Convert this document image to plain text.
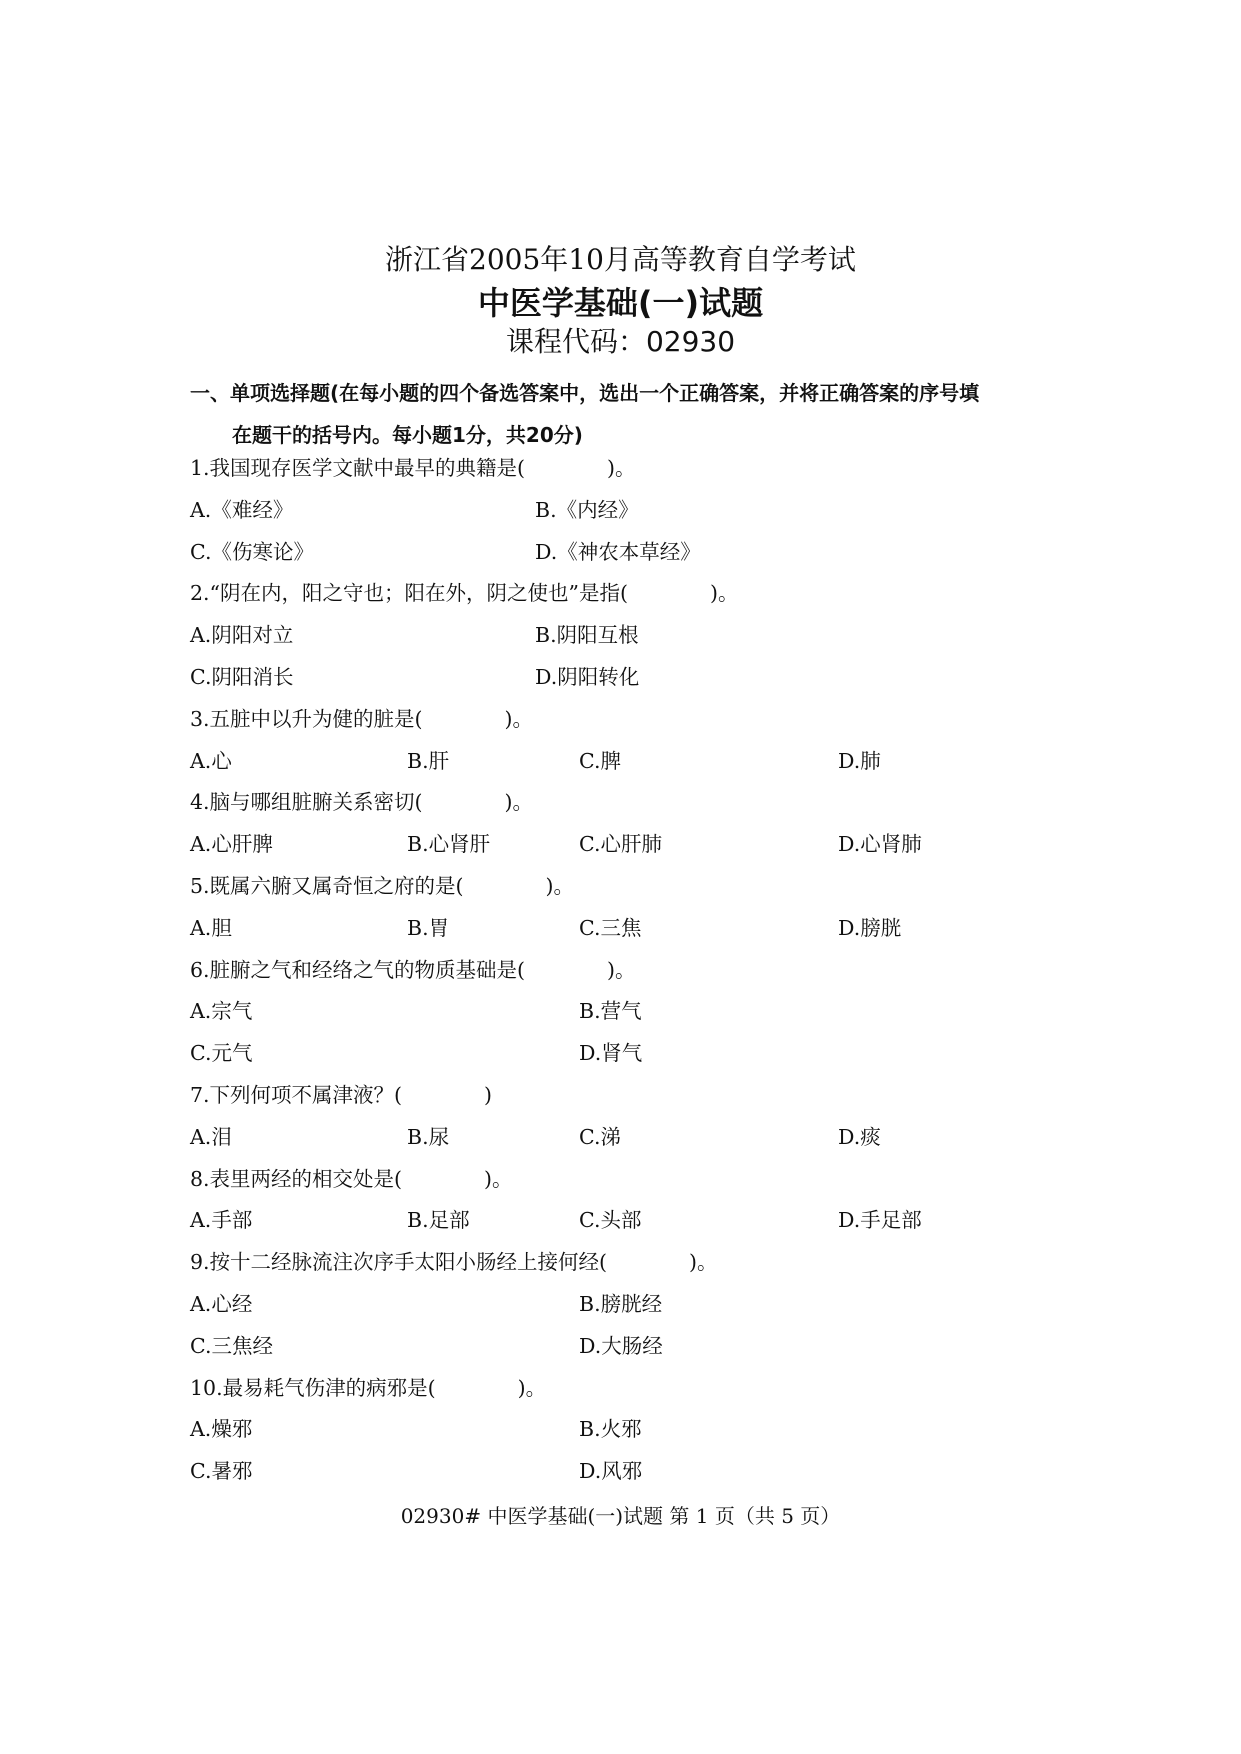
浙江省2005年10月高等教育自学考试
中医学基础(一)试题
课程代码：02930
一、单项选择题(在每小题的四个备选答案中，选出一个正确答案，并将正确答案的序号填
在题干的括号内。每小题1分，共20分)
1.我国现存医学文献中最早的典籍是(　　　　)。
A.《难经》	B.《内经》
C.《伤寒论》	D.《神农本草经》
2.“阴在内，阳之守也；阳在外，阴之使也”是指(　　　　)。
A.阴阳对立	B.阴阳互根
C.阴阳消长	D.阴阳转化
3.五脏中以升为健的脏是(　　　　)。
A.心	B.肝	C.脾	D.肺
4.脑与哪组脏腑关系密切(　　　　)。
A.心肝脾	B.心肾肝	C.心肝肺	D.心肾肺
5.既属六腑又属奇恒之府的是(　　　　)。
A.胆	B.胃	C.三焦	D.膀胱
6.脏腑之气和经络之气的物质基础是(　　　　)。
A.宗气	B.营气
C.元气	D.肾气
7.下列何项不属津液？(　　　　)
A.泪	B.尿	C.涕	D.痰
8.表里两经的相交处是(　　　　)。
A.手部	B.足部	C.头部	D.手足部
9.按十二经脉流注次序手太阳小肠经上接何经(　　　　)。
A.心经	B.膀胱经
C.三焦经	D.大肠经
10.最易耗气伤津的病邪是(　　　　)。
A.燥邪	B.火邪
C.暑邪	D.风邪
02930# 中医学基础(一)试题 第 1 页（共 5 页）
